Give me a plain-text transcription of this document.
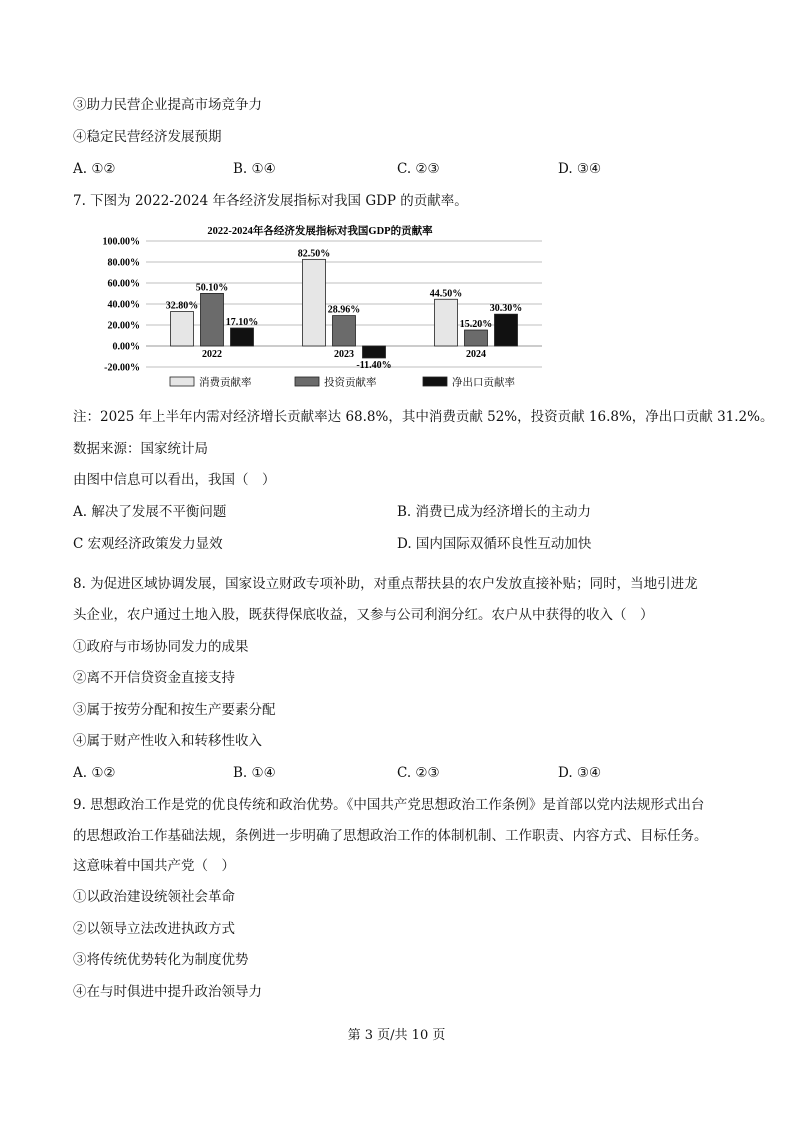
③助力民营企业提高市场竞争力
④稳定民营经济发展预期
A. ①②	B. ①④	C. ②③	D. ③④
7. 下图为 2022-2024 年各经济发展指标对我国 GDP 的贡献率。
2022-2024年各经济发展指标对我国GDP的贡献率
100.00%
80.00%
60.00%
40.00%
20.00%
0.00%
-20.00%
32.80%
50.10%
17.10%
2022
82.50%
28.96%
-11.40%
2023
44.50%
15.20%
30.30%
2024
消费贡献率	投资贡献率	净出口贡献率
注：2025 年上半年内需对经济增长贡献率达 68.8%，其中消费贡献 52%，投资贡献 16.8%，净出口贡献 31.2%。
数据来源：国家统计局
由图中信息可以看出，我国（　）
A. 解决了发展不平衡问题	B. 消费已成为经济增长的主动力
C 宏观经济政策发力显效	D. 国内国际双循环良性互动加快
8. 为促进区域协调发展，国家设立财政专项补助，对重点帮扶县的农户发放直接补贴；同时，当地引进龙
头企业，农户通过土地入股，既获得保底收益，又参与公司利润分红。农户从中获得的收入（　）
①政府与市场协同发力的成果
②离不开信贷资金直接支持
③属于按劳分配和按生产要素分配
④属于财产性收入和转移性收入
A. ①②	B. ①④	C. ②③	D. ③④
9. 思想政治工作是党的优良传统和政治优势。《中国共产党思想政治工作条例》是首部以党内法规形式出台
的思想政治工作基础法规，条例进一步明确了思想政治工作的体制机制、工作职责、内容方式、目标任务。
这意味着中国共产党（　）
①以政治建设统领社会革命
②以领导立法改进执政方式
③将传统优势转化为制度优势
④在与时俱进中提升政治领导力
第 3 页/共 10 页
